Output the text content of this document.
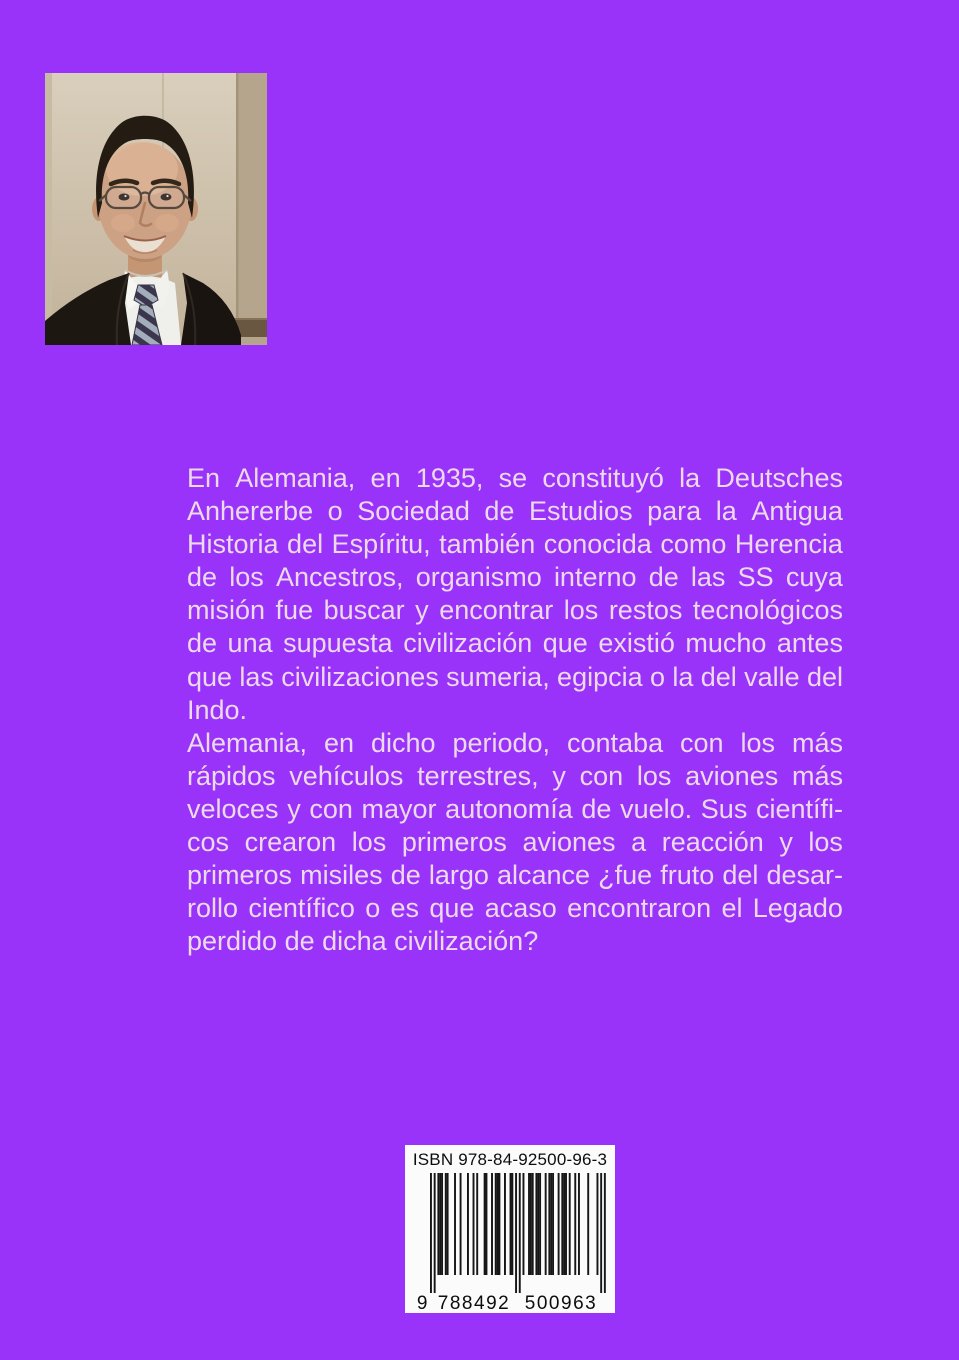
En Alemania, en 1935, se constituyó la Deutsches
Anhererbe o Sociedad de Estudios para la Antigua
Historia del Espíritu, también conocida como Herencia
de los Ancestros, organismo interno de las SS cuya
misión fue buscar y encontrar los restos tecnológicos
de una supuesta civilización que existió mucho antes
que las civilizaciones sumeria, egipcia o la del valle del
Indo.
Alemania, en dicho periodo, contaba con los más
rápidos vehículos terrestres, y con los aviones más
veloces y con mayor autonomía de vuelo. Sus científi-
cos crearon los primeros aviones a reacción y los
primeros misiles de largo alcance ¿fue fruto del desar-
rollo científico o es que acaso encontraron el Legado
perdido de dicha civilización?
ISBN 978-84-92500-96-3
9 788492 500963
